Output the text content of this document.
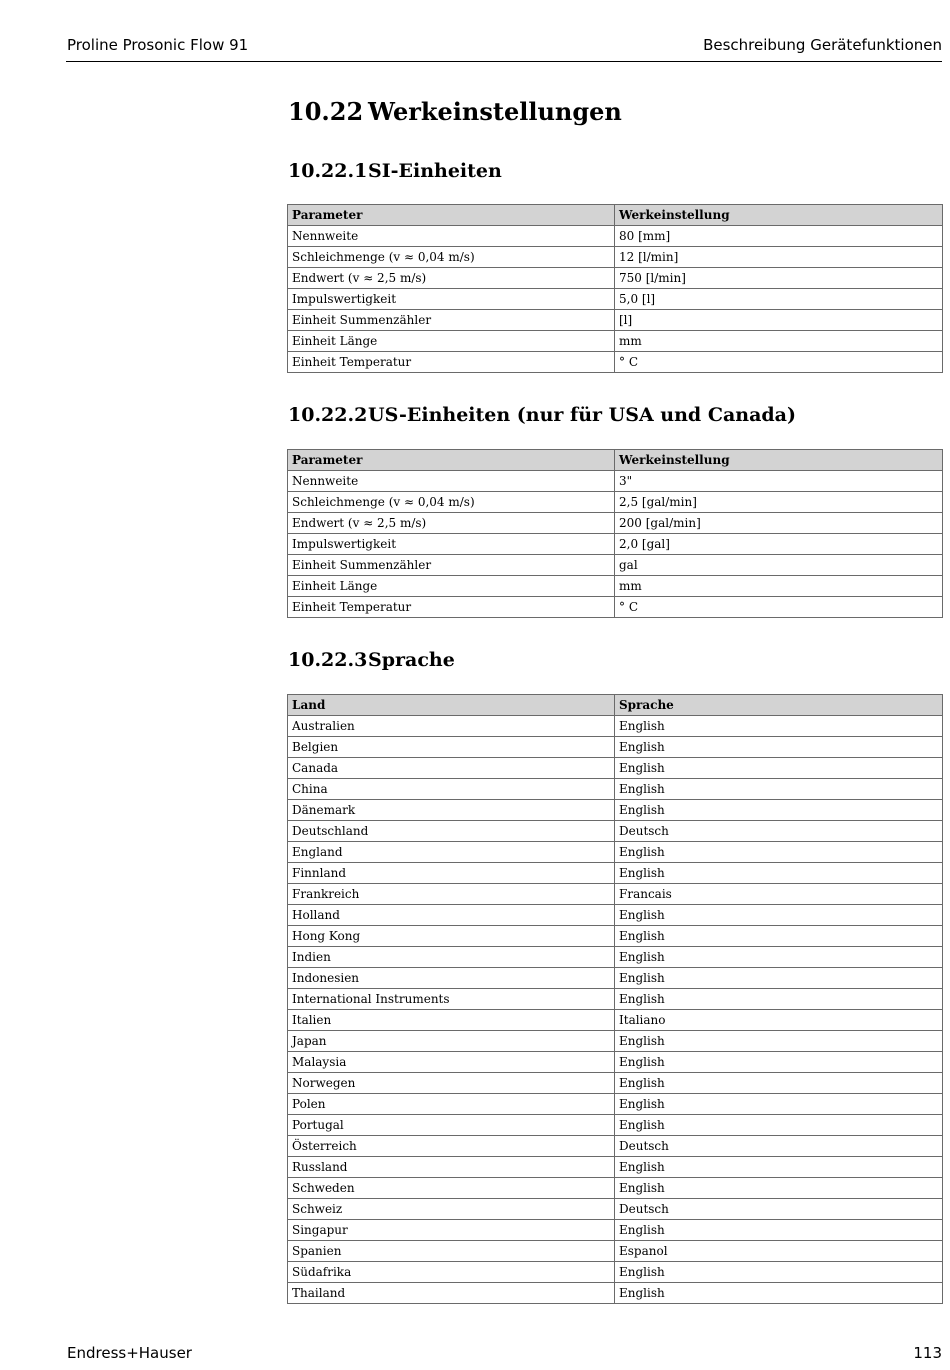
Proline Prosonic Flow 91	Beschreibung Gerätefunktionen
10.22 Werkeinstellungen
10.22.1SI-Einheiten
Parameter	Werkeinstellung
Nennweite	80 [mm]
Schleichmenge (v ≈ 0,04 m/s)	12 [l/min]
Endwert (v ≈ 2,5 m/s)	750 [l/min]
Impulswertigkeit	5,0 [l]
Einheit Summenzähler	[l]
Einheit Länge	mm
Einheit Temperatur	° C
10.22.2US-Einheiten (nur für USA und Canada)
Parameter	Werkeinstellung
Nennweite	3"
Schleichmenge (v ≈ 0,04 m/s)	2,5 [gal/min]
Endwert (v ≈ 2,5 m/s)	200 [gal/min]
Impulswertigkeit	2,0 [gal]
Einheit Summenzähler	gal
Einheit Länge	mm
Einheit Temperatur	° C
10.22.3Sprache
Land	Sprache
Australien	English
Belgien	English
Canada	English
China	English
Dänemark	English
Deutschland	Deutsch
England	English
Finnland	English
Frankreich	Francais
Holland	English
Hong Kong	English
Indien	English
Indonesien	English
International Instruments	English
Italien	Italiano
Japan	English
Malaysia	English
Norwegen	English
Polen	English
Portugal	English
Österreich	Deutsch
Russland	English
Schweden	English
Schweiz	Deutsch
Singapur	English
Spanien	Espanol
Südafrika	English
Thailand	English
Endress+Hauser	113
